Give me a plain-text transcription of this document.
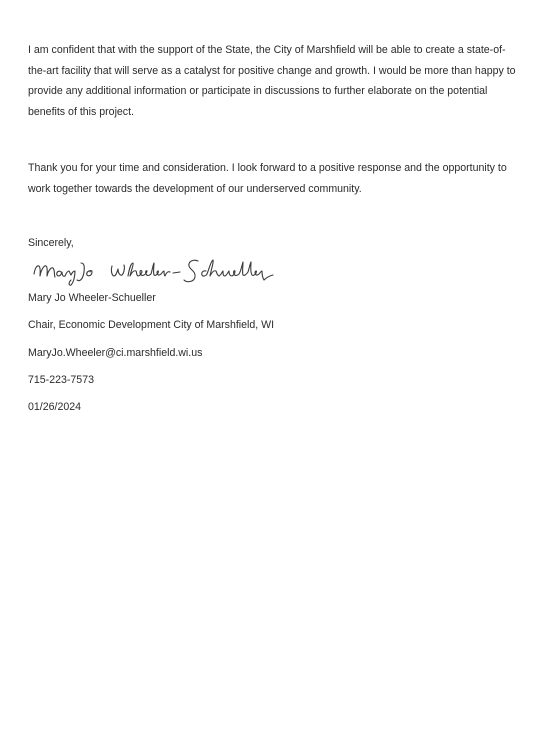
I am confident that with the support of the State, the City of Marshfield will be able to create a state-of-the-art facility that will serve as a catalyst for positive change and growth. I would be more than happy to provide any additional information or participate in discussions to further elaborate on the potential benefits of this project.

Thank you for your time and consideration. I look forward to a positive response and the opportunity to work together towards the development of our underserved community.

Sincerely,
Mary Jo Wheeler-Schueller
Chair, Economic Development City of Marshfield, WI
MaryJo.Wheeler@ci.marshfield.wi.us
715-223-7573
01/26/2024
